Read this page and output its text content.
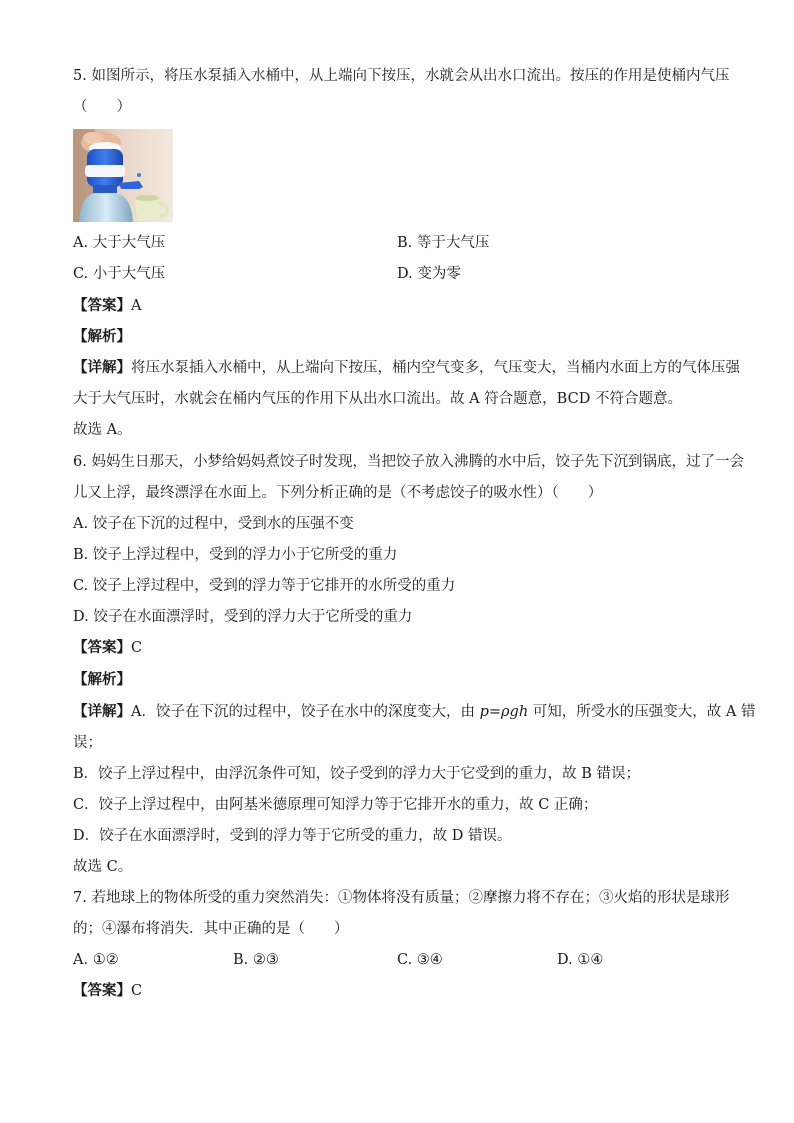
5. 如图所示，将压水泵插入水桶中，从上端向下按压，水就会从出水口流出。按压的作用是使桶内气压
（　　）
A. 大于大气压	B. 等于大气压
C. 小于大气压	D. 变为零
【答案】A
【解析】
【详解】将压水泵插入水桶中，从上端向下按压，桶内空气变多，气压变大，当桶内水面上方的气体压强
大于大气压时，水就会在桶内气压的作用下从出水口流出。故 A 符合题意，BCD 不符合题意。
故选 A。
6. 妈妈生日那天，小梦给妈妈煮饺子时发现，当把饺子放入沸腾的水中后，饺子先下沉到锅底，过了一会
儿又上浮，最终漂浮在水面上。下列分析正确的是（不考虑饺子的吸水性）（　　）
A. 饺子在下沉的过程中，受到水的压强不变
B. 饺子上浮过程中，受到的浮力小于它所受的重力
C. 饺子上浮过程中，受到的浮力等于它排开的水所受的重力
D. 饺子在水面漂浮时，受到的浮力大于它所受的重力
【答案】C
【解析】
【详解】A．饺子在下沉的过程中，饺子在水中的深度变大，由 p=ρgh 可知，所受水的压强变大，故 A 错
误；
B．饺子上浮过程中，由浮沉条件可知，饺子受到的浮力大于它受到的重力，故 B 错误；
C．饺子上浮过程中，由阿基米德原理可知浮力等于它排开水的重力，故 C 正确；
D．饺子在水面漂浮时，受到的浮力等于它所受的重力，故 D 错误。
故选 C。
7. 若地球上的物体所受的重力突然消失：①物体将没有质量；②摩擦力将不存在；③火焰的形状是球形
的；④瀑布将消失．其中正确的是（　　）
A. ①②	B. ②③	C. ③④	D. ①④
【答案】C
